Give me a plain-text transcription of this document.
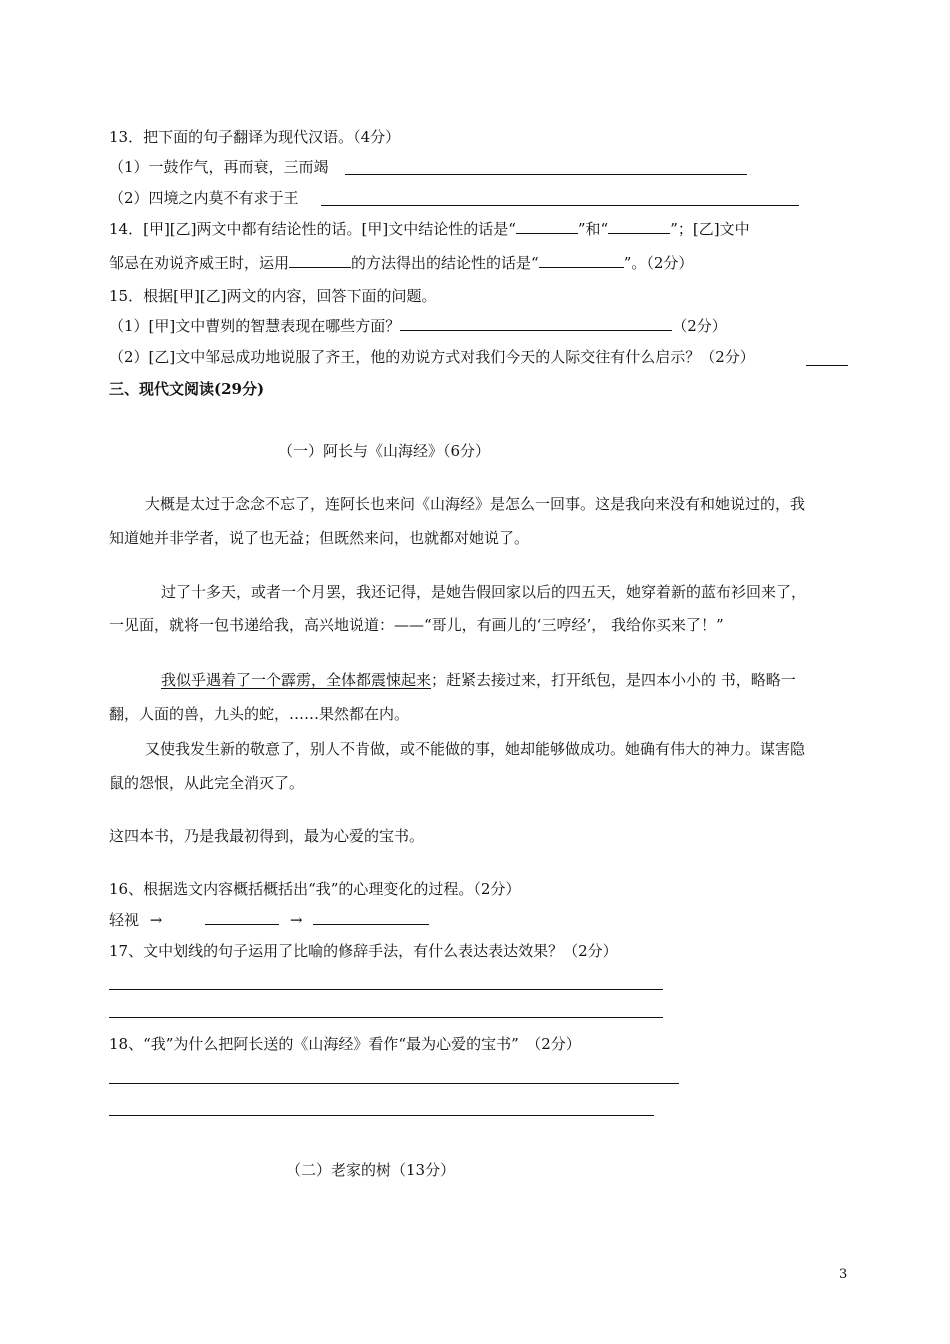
13．把下面的句子翻译为现代汉语。（4分）
（1）一鼓作气，再而衰，三而竭
（2）四境之内莫不有求于王
14．[甲][乙]两文中都有结论性的话。[甲]文中结论性的话是“	”和“	”；[乙]文中
邹忌在劝说齐威王时，运用	的方法得出的结论性的话是“	”。（2分）
15．根据[甲][乙]两文的内容，回答下面的问题。
（1）[甲]文中曹刿的智慧表现在哪些方面？	（2分）
（2）[乙]文中邹忌成功地说服了齐王，他的劝说方式对我们今天的人际交往有什么启示？（2分）
三、现代文阅读(29分)
（一）阿长与《山海经》（6分）
大概是太过于念念不忘了，连阿长也来问《山海经》是怎么一回事。这是我向来没有和她说过的，我
知道她并非学者，说了也无益；但既然来问，也就都对她说了。
过了十多天，或者一个月罢，我还记得，是她告假回家以后的四五天，她穿着新的蓝布衫回来了，
一见面，就将一包书递给我，高兴地说道：——“哥儿，有画儿的‘三哼经’， 我给你买来了！”
我似乎遇着了一个霹雳，全体都震悚起来；赶紧去接过来，打开纸包，是四本小小的 书，略略一
翻，人面的兽，九头的蛇，……果然都在内。
又使我发生新的敬意了，别人不肯做，或不能做的事，她却能够做成功。她确有伟大的神力。谋害隐
鼠的怨恨，从此完全消灭了。
这四本书，乃是我最初得到，最为心爱的宝书。
16、根据选文内容概括概括出“我”的心理变化的过程。（2分）
轻视 →	→
17、文中划线的句子运用了比喻的修辞手法，有什么表达表达效果？（2分）
18、“我”为什么把阿长送的《山海经》看作“最为心爱的宝书”　（2分）
（二）老家的树（13分）
3
